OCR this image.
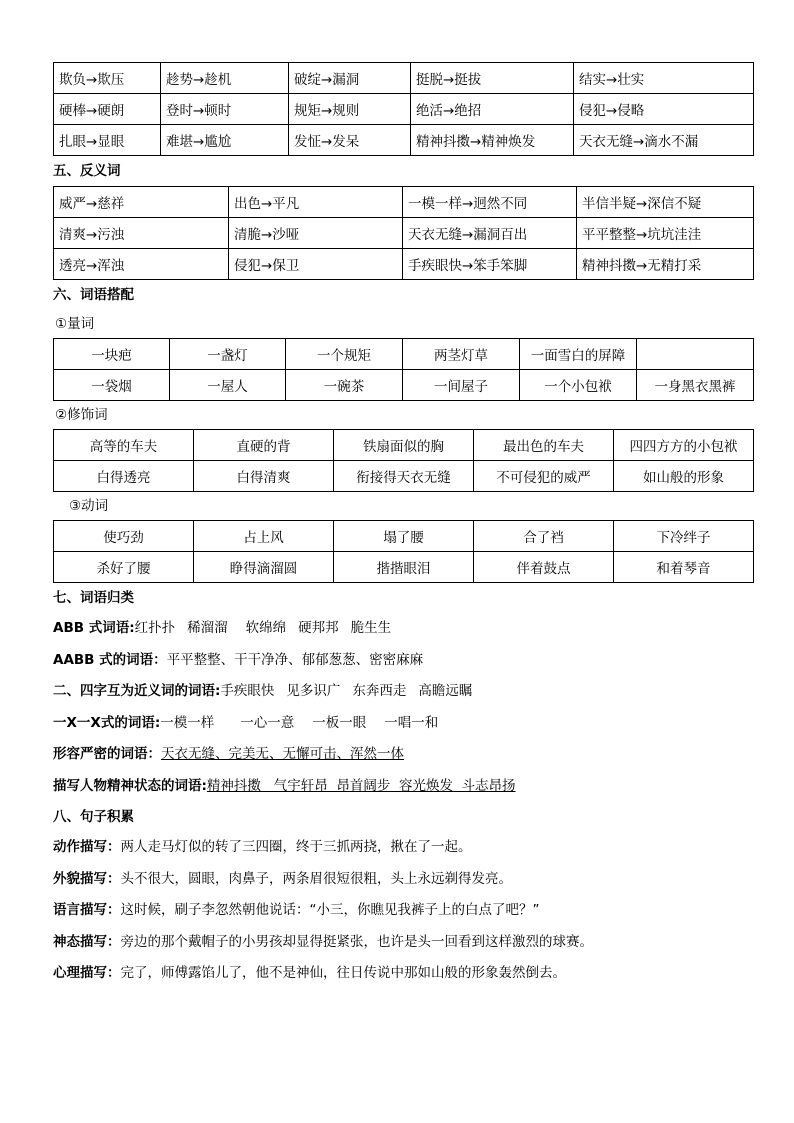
欺负→欺压	趁势→趁机	破绽→漏洞	挺脱→挺拔	结实→壮实
硬棒→硬朗	登时→顿时	规矩→规则	绝活→绝招	侵犯→侵略
扎眼→显眼	难堪→尴尬	发怔→发呆	精神抖擞→精神焕发	天衣无缝→滴水不漏
五、反义词
威严→慈祥	出色→平凡	一模一样→迥然不同	半信半疑→深信不疑
清爽→污浊	清脆→沙哑	天衣无缝→漏洞百出	平平整整→坑坑洼洼
透亮→浑浊	侵犯→保卫	手疾眼快→笨手笨脚	精神抖擞→无精打采
六、词语搭配
①量词
一块疤	一盏灯	一个规矩	两茎灯草	一面雪白的屏障	
一袋烟	一屋人	一碗茶	一间屋子	一个小包袱	一身黑衣黑裤
②修饰词
高等的车夫	直硬的背	铁扇面似的胸	最出色的车夫	四四方方的小包袱
白得透亮	白得清爽	衔接得天衣无缝	不可侵犯的威严	如山般的形象
③动词
使巧劲	占上风	塌了腰	合了裆	下冷绊子
杀好了腰	睁得滴溜圆	揩揩眼泪	伴着鼓点	和着琴音
七、词语归类
ABB 式词语:红扑扑 稀溜溜 软绵绵 硬邦邦 脆生生
AABB 式的词语：平平整整、干干净净、郁郁葱葱、密密麻麻
二、四字互为近义词的词语:手疾眼快 见多识广 东奔西走 高瞻远瞩
一X一X式的词语:一模一样 一心一意 一板一眼 一唱一和
形容严密的词语：天衣无缝、完美无、无懈可击、浑然一体
描写人物精神状态的词语:精神抖擞   气宇轩昂  昂首阔步  容光焕发  斗志昂扬
八、句子积累
动作描写：两人走马灯似的转了三四圈，终于三抓两挠，揪在了一起。
外貌描写：头不很大，圆眼，肉鼻子，两条眉很短很粗，头上永远剃得发亮。
语言描写：这时候，刷子李忽然朝他说话：“小三，你瞧见我裤子上的白点了吧？”
神态描写：旁边的那个戴帽子的小男孩却显得挺紧张，也许是头一回看到这样激烈的球赛。
心理描写：完了，师傅露馅儿了，他不是神仙，往日传说中那如山般的形象轰然倒去。
